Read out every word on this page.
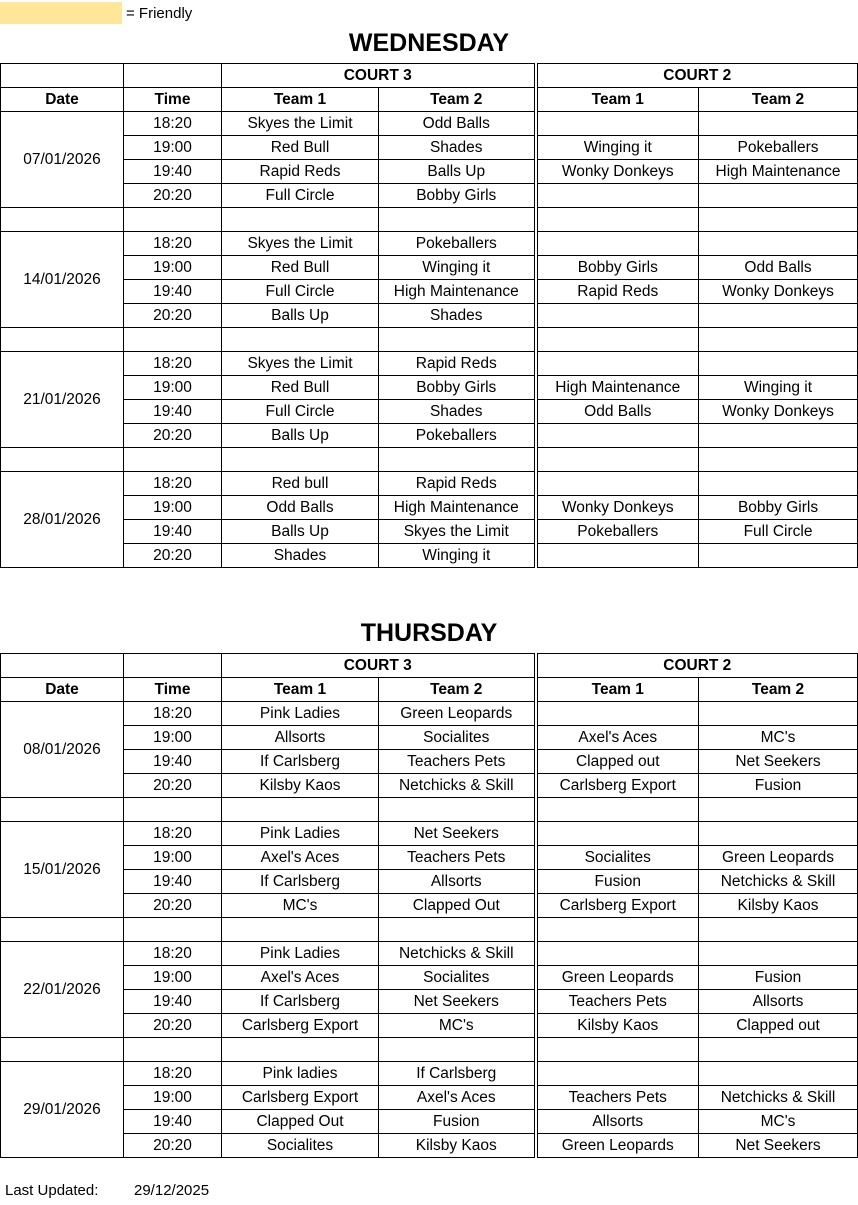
= Friendly
WEDNESDAY
		COURT 3		COURT 2	
Date	Time	Team 1	Team 2	Team 1	Team 2
07/01/2026	18:20	Skyes the Limit	Odd Balls		
	19:00	Red Bull	Shades	Winging it	Pokeballers
	19:40	Rapid Reds	Balls Up	Wonky Donkeys	High Maintenance
	20:20	Full Circle	Bobby Girls		

14/01/2026	18:20	Skyes the Limit	Pokeballers		
	19:00	Red Bull	Winging it	Bobby Girls	Odd Balls
	19:40	Full Circle	High Maintenance	Rapid Reds	Wonky Donkeys
	20:20	Balls Up	Shades		

21/01/2026	18:20	Skyes the Limit	Rapid Reds		
	19:00	Red Bull	Bobby Girls	High Maintenance	Winging it
	19:40	Full Circle	Shades	Odd Balls	Wonky Donkeys
	20:20	Balls Up	Pokeballers		

28/01/2026	18:20	Red bull	Rapid Reds		
	19:00	Odd Balls	High Maintenance	Wonky Donkeys	Bobby Girls
	19:40	Balls Up	Skyes the Limit	Pokeballers	Full Circle
	20:20	Shades	Winging it		
THURSDAY
		COURT 3		COURT 2	
Date	Time	Team 1	Team 2	Team 1	Team 2
08/01/2026	18:20	Pink Ladies	Green Leopards		
	19:00	Allsorts	Socialites	Axel's Aces	MC's
	19:40	If Carlsberg	Teachers Pets	Clapped out	Net Seekers
	20:20	Kilsby Kaos	Netchicks & Skill	Carlsberg Export	Fusion

15/01/2026	18:20	Pink Ladies	Net Seekers		
	19:00	Axel's Aces	Teachers Pets	Socialites	Green Leopards
	19:40	If Carlsberg	Allsorts	Fusion	Netchicks & Skill
	20:20	MC's	Clapped Out	Carlsberg Export	Kilsby Kaos

22/01/2026	18:20	Pink Ladies	Netchicks & Skill		
	19:00	Axel's Aces	Socialites	Green Leopards	Fusion
	19:40	If Carlsberg	Net Seekers	Teachers Pets	Allsorts
	20:20	Carlsberg Export	MC's	Kilsby Kaos	Clapped out

29/01/2026	18:20	Pink ladies	If Carlsberg		
	19:00	Carlsberg Export	Axel's Aces	Teachers Pets	Netchicks & Skill
	19:40	Clapped Out	Fusion	Allsorts	MC's
	20:20	Socialites	Kilsby Kaos	Green Leopards	Net Seekers
Last Updated:	29/12/2025
